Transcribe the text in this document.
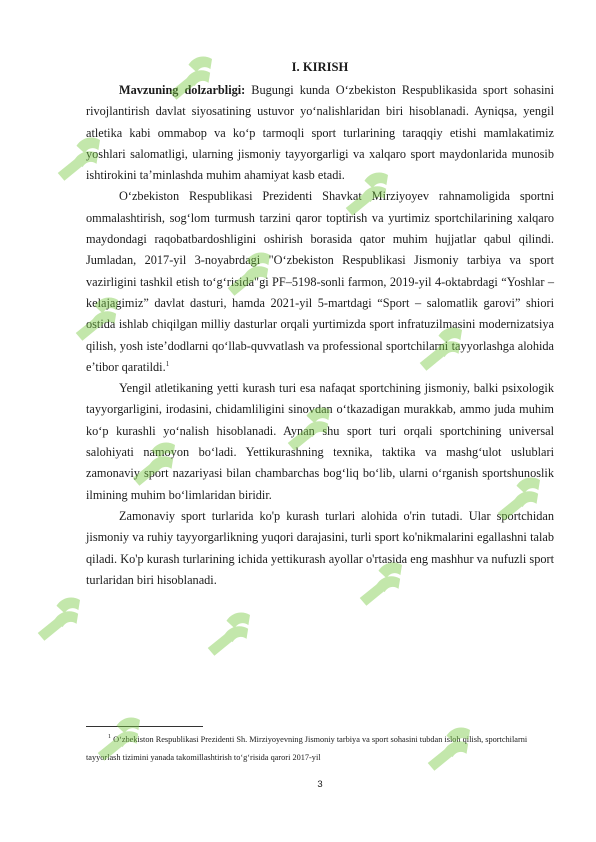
I. KIRISH

Mavzuning dolzarbligi: Bugungi kunda O‘zbekiston Respublikasida sport sohasini rivojlantirish davlat siyosatining ustuvor yo‘nalishlaridan biri hisoblanadi. Ayniqsa, yengil atletika kabi ommabop va ko‘p tarmoqli sport turlarining taraqqiy etishi mamlakatimiz yoshlari salomatligi, ularning jismoniy tayyorgarligi va xalqaro sport maydonlarida munosib ishtirokini ta’minlashda muhim ahamiyat kasb etadi.

O‘zbekiston Respublikasi Prezidenti Shavkat Mirziyoyev rahnamoligida sportni ommalashtirish, sog‘lom turmush tarzini qaror toptirish va yurtimiz sportchilarining xalqaro maydondagi raqobatbardoshligini oshirish borasida qator muhim hujjatlar qabul qilindi. Jumladan, 2017-yil 3-noyabrdagi "O‘zbekiston Respublikasi Jismoniy tarbiya va sport vazirligini tashkil etish to‘g‘risida"gi PF–5198-sonli farmon, 2019-yil 4-oktabrdagi “Yoshlar – kelajagimiz” davlat dasturi, hamda 2021-yil 5-martdagi “Sport – salomatlik garovi” shiori ostida ishlab chiqilgan milliy dasturlar orqali yurtimizda sport infratuzilmasini modernizatsiya qilish, yosh iste’dodlarni qo‘llab-quvvatlash va professional sportchilarni tayyorlashga alohida e’tibor qaratildi.$^1$

Yengil atletikaning yetti kurash turi esa nafaqat sportchining jismoniy, balki psixologik tayyorgarligini, irodasini, chidamliligini sinovdan o‘tkazadigan murakkab, ammo juda muhim ko‘p kurashli yo‘nalish hisoblanadi. Aynan shu sport turi orqali sportchining universal salohiyati namoyon bo‘ladi. Yettikurashning texnika, taktika va mashg‘ulot uslublari zamonaviy sport nazariyasi bilan chambarchas bog‘liq bo‘lib, ularni o‘rganish sportshunoslik ilmining muhim bo‘limlaridan biridir.

Zamonaviy sport turlarida ko'p kurash turlari alohida o'rin tutadi. Ular sportchidan jismoniy va ruhiy tayyorgarlikning yuqori darajasini, turli sport ko'nikmalarini egallashni talab qiladi. Ko'p kurash turlarining ichida yettikurash ayollar o'rtasida eng mashhur va nufuzli sport turlaridan biri hisoblanadi.

$^1$ O‘zbekiston Respublikasi Prezidenti Sh. Mirziyoyevning Jismoniy tarbiya va sport sohasini tubdan isloh qilish, sportchilarni tayyorlash tizimini yanada takomillashtirish to‘g‘risida qarori 2017-yil

3
